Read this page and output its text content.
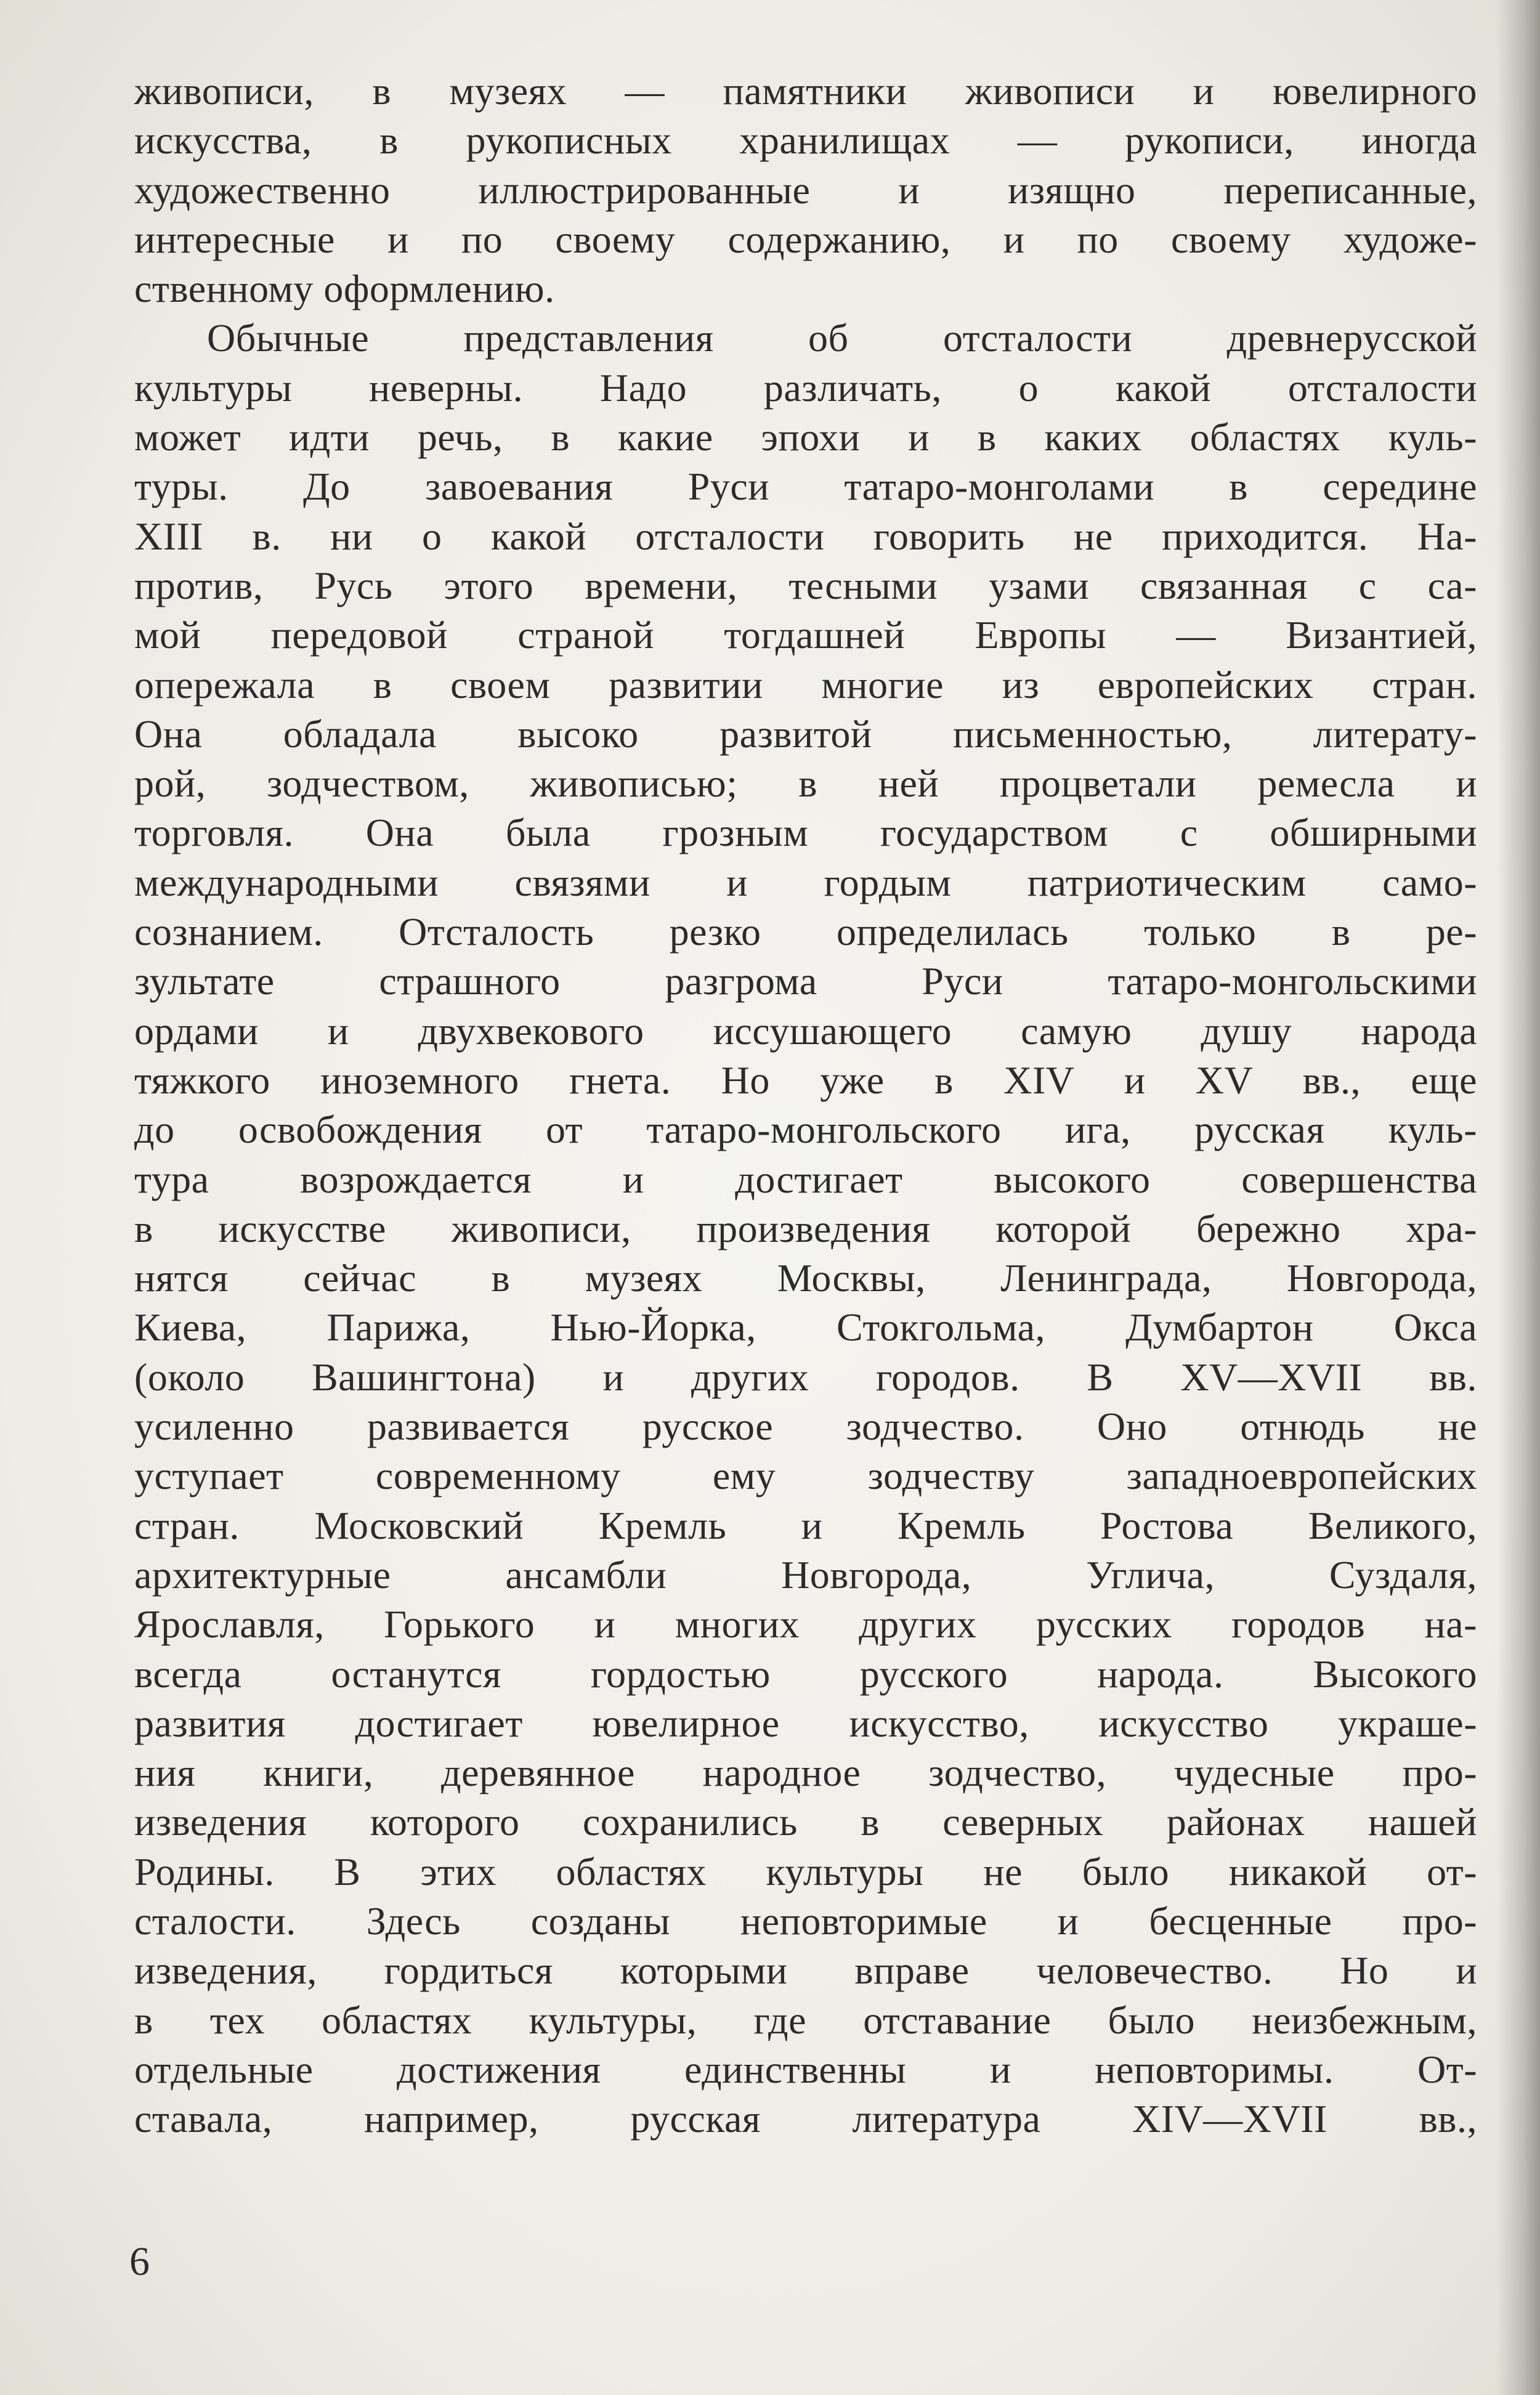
живописи, в музеях — памятники живописи и ювелирного
искусства, в рукописных хранилищах — рукописи, иногда
художественно иллюстрированные и изящно переписанные,
интересные и по своему содержанию, и по своему художе-
ственному оформлению.
Обычные представления об отсталости древнерусской
культуры неверны. Надо различать, о какой отсталости
может идти речь, в какие эпохи и в каких областях куль-
туры. До завоевания Руси татаро-монголами в середине
XIII в. ни о какой отсталости говорить не приходится. На-
против, Русь этого времени, тесными узами связанная с са-
мой передовой страной тогдашней Европы — Византией,
опережала в своем развитии многие из европейских стран.
Она обладала высоко развитой письменностью, литерату-
рой, зодчеством, живописью; в ней процветали ремесла и
торговля. Она была грозным государством с обширными
международными связями и гордым патриотическим само-
сознанием. Отсталость резко определилась только в ре-
зультате страшного разгрома Руси татаро-монгольскими
ордами и двухвекового иссушающего самую душу народа
тяжкого иноземного гнета. Но уже в XIV и XV вв., еще
до освобождения от татаро-монгольского ига, русская куль-
тура возрождается и достигает высокого совершенства
в искусстве живописи, произведения которой бережно хра-
нятся сейчас в музеях Москвы, Ленинграда, Новгорода,
Киева, Парижа, Нью-Йорка, Стокгольма, Думбартон Окса
(около Вашингтона) и других городов. В XV—XVII вв.
усиленно развивается русское зодчество. Оно отнюдь не
уступает современному ему зодчеству западноевропейских
стран. Московский Кремль и Кремль Ростова Великого,
архитектурные ансамбли Новгорода, Углича, Суздаля,
Ярославля, Горького и многих других русских городов на-
всегда останутся гордостью русского народа. Высокого
развития достигает ювелирное искусство, искусство украше-
ния книги, деревянное народное зодчество, чудесные про-
изведения которого сохранились в северных районах нашей
Родины. В этих областях культуры не было никакой от-
сталости. Здесь созданы неповторимые и бесценные про-
изведения, гордиться которыми вправе человечество. Но и
в тех областях культуры, где отставание было неизбежным,
отдельные достижения единственны и неповторимы. От-
ставала, например, русская литература XIV—XVII вв.,
6
